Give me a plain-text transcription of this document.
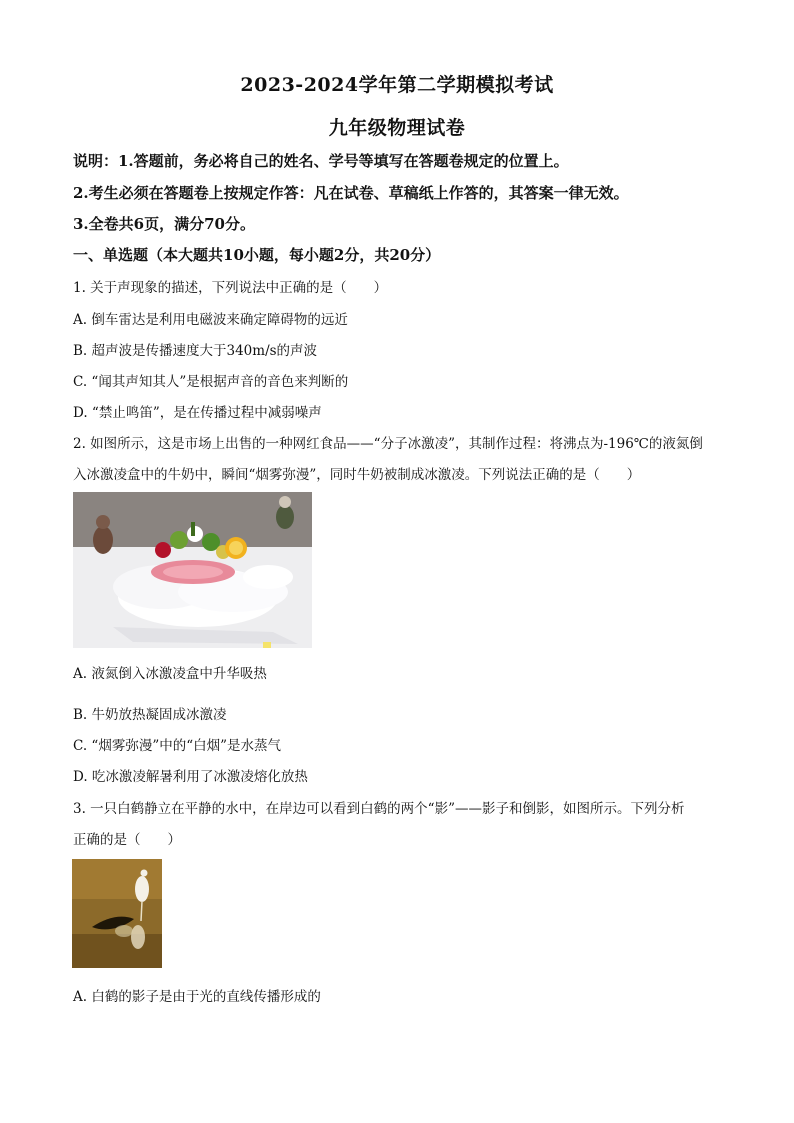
2023-2024学年第二学期模拟考试
九年级物理试卷
说明：1.答题前，务必将自己的姓名、学号等填写在答题卷规定的位置上。
2.考生必须在答题卷上按规定作答：凡在试卷、草稿纸上作答的，其答案一律无效。
3.全卷共6页，满分70分。
一、单选题（本大题共10小题，每小题2分，共20分）
1. 关于声现象的描述，下列说法中正确的是（　　）
A. 倒车雷达是利用电磁波来确定障碍物的远近
B. 超声波是传播速度大于340m/s的声波
C. “闻其声知其人”是根据声音的音色来判断的
D. “禁止鸣笛”，是在传播过程中减弱噪声
2. 如图所示，这是市场上出售的一种网红食品——“分子冰激凌”，其制作过程：将沸点为-196℃的液氮倒
入冰激凌盒中的牛奶中，瞬间“烟雾弥漫”，同时牛奶被制成冰激凌。下列说法正确的是（　　）
A. 液氮倒入冰激凌盒中升华吸热
B. 牛奶放热凝固成冰激凌
C. “烟雾弥漫”中的“白烟”是水蒸气
D. 吃冰激凌解暑利用了冰激凌熔化放热
3. 一只白鹤静立在平静的水中，在岸边可以看到白鹤的两个“影”——影子和倒影，如图所示。下列分析
正确的是（　　）
A. 白鹤的影子是由于光的直线传播形成的
